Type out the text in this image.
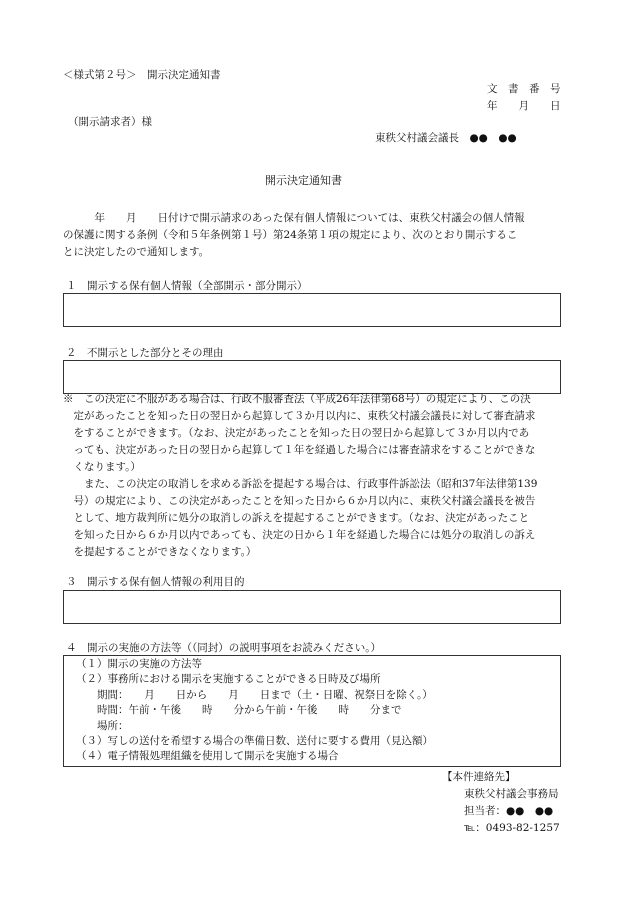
＜様式第２号＞　開示決定通知書
文　書　番　号
年　　月　　日
（開示請求者）様
東秩父村議会議長　●●　●●
開示決定通知書
　　　年　　月　　日付けで開示請求のあった保有個人情報については、東秩父村議会の個人情報
の保護に関する条例（令和５年条例第１号）第24条第１項の規定により、次のとおり開示するこ
とに決定したので通知します。
１　開示する保有個人情報（全部開示・部分開示）
２　不開示とした部分とその理由
※　この決定に不服がある場合は、行政不服審査法（平成26年法律第68号）の規定により、この決
　定があったことを知った日の翌日から起算して３か月以内に、東秩父村議会議長に対して審査請求
　をすることができます。（なお、決定があったことを知った日の翌日から起算して３か月以内であ
　っても、決定があった日の翌日から起算して１年を経過した場合には審査請求をすることができな
　くなります。）
　　また、この決定の取消しを求める訴訟を提起する場合は、行政事件訴訟法（昭和37年法律第139
　号）の規定により、この決定があったことを知った日から６か月以内に、東秩父村議会議長を被告
　として、地方裁判所に処分の取消しの訴えを提起することができます。（なお、決定があったこと
　を知った日から６か月以内であっても、決定の日から１年を経過した場合には処分の取消しの訴え
　を提起することができなくなります。）
３　開示する保有個人情報の利用目的
４　開示の実施の方法等（（同封）の説明事項をお読みください。）
（１）開示の実施の方法等
（２）事務所における開示を実施することができる日時及び場所
　　期間：　　月　　日から　　月　　日まで（土・日曜、祝祭日を除く。）
　　時間：午前・午後　　時　　分から午前・午後　　時　　分まで
　　場所：
（３）写しの送付を希望する場合の準備日数、送付に要する費用（見込額）
（４）電子情報処理組織を使用して開示を実施する場合
【本件連絡先】
東秩父村議会事務局
担当者：●●　●●
℡：0493-82-1257
